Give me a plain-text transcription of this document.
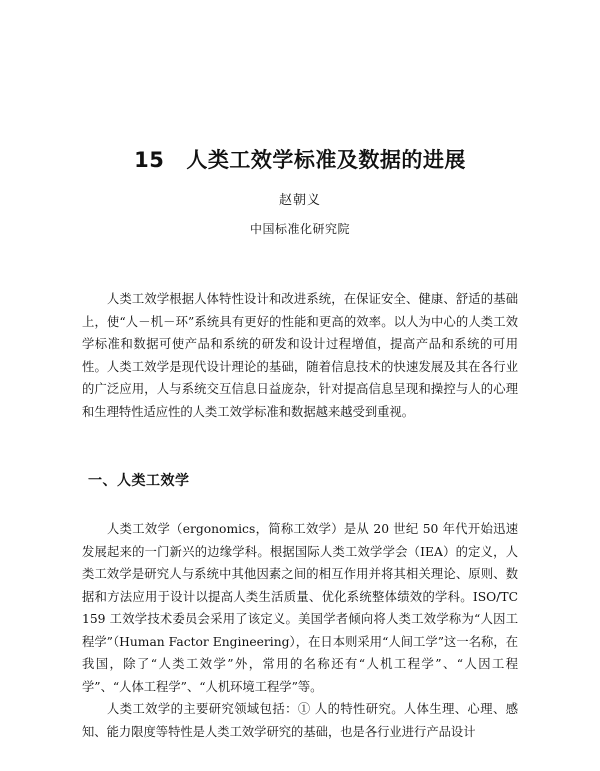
15 人类工效学标准及数据的进展
赵朝义
中国标准化研究院

人类工效学根据人体特性设计和改进系统，在保证安全、健康、舒适的基础上，使“人－机－环”系统具有更好的性能和更高的效率。以人为中心的人类工效学标准和数据可使产品和系统的研发和设计过程增值，提高产品和系统的可用性。人类工效学是现代设计理论的基础，随着信息技术的快速发展及其在各行业的广泛应用，人与系统交互信息日益庞杂，针对提高信息呈现和操控与人的心理和生理特性适应性的人类工效学标准和数据越来越受到重视。

一、人类工效学

人类工效学（ergonomics，简称工效学）是从 20 世纪 50 年代开始迅速发展起来的一门新兴的边缘学科。根据国际人类工效学学会（IEA）的定义，人类工效学是研究人与系统中其他因素之间的相互作用并将其相关理论、原则、数据和方法应用于设计以提高人类生活质量、优化系统整体绩效的学科。ISO/TC 159 工效学技术委员会采用了该定义。美国学者倾向将人类工效学称为“人因工程学”（Human Factor Engineering），在日本则采用“人间工学”这一名称，在我国，除了“人类工效学”外，常用的名称还有“人机工程学”、“人因工程学”、“人体工程学”、“人机环境工程学”等。

人类工效学的主要研究领域包括：① 人的特性研究。人体生理、心理、感知、能力限度等特性是人类工效学研究的基础，也是各行业进行产品设计
